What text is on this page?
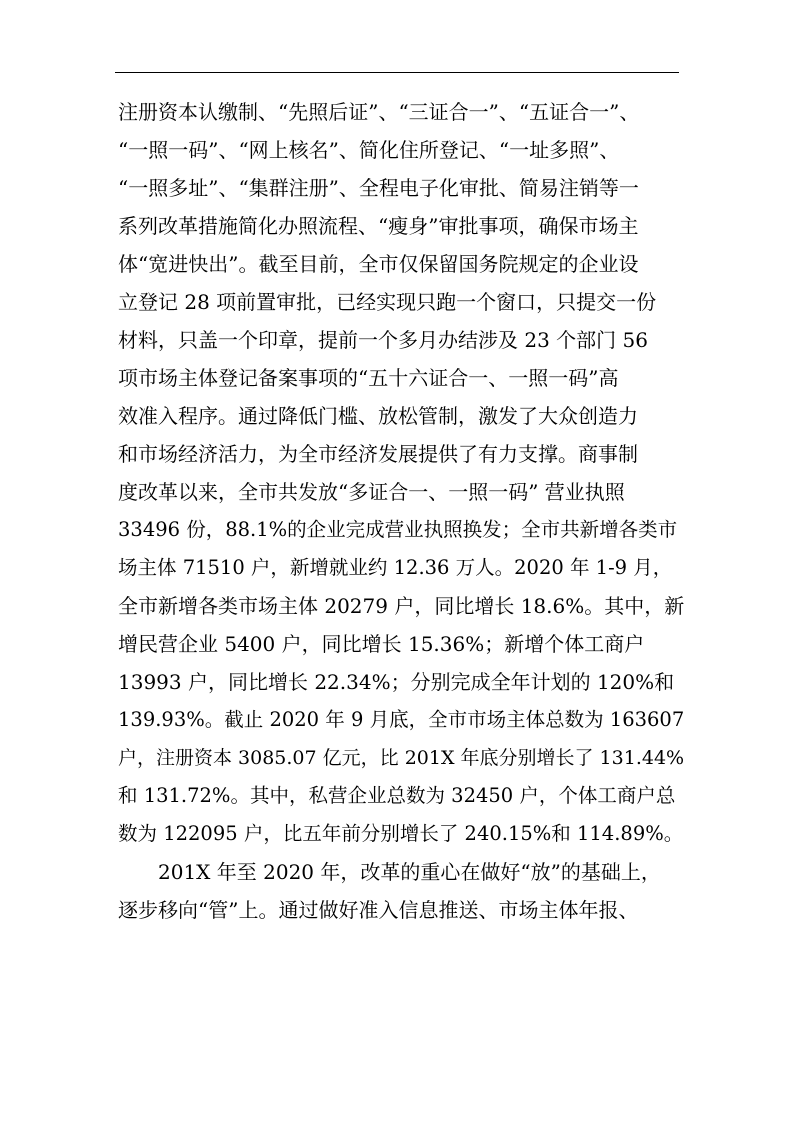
注册资本认缴制、“先照后证”、“三证合一”、“五证合一”、
“一照一码”、“网上核名”、简化住所登记、“一址多照”、
“一照多址”、“集群注册”、全程电子化审批、简易注销等一
系列改革措施简化办照流程、“瘦身”审批事项，确保市场主
体“宽进快出”。截至目前，全市仅保留国务院规定的企业设
立登记 28 项前置审批，已经实现只跑一个窗口，只提交一份
材料，只盖一个印章，提前一个多月办结涉及 23 个部门 56
项市场主体登记备案事项的“五十六证合一、一照一码”高
效准入程序。通过降低门槛、放松管制，激发了大众创造力
和市场经济活力，为全市经济发展提供了有力支撑。商事制
度改革以来，全市共发放“多证合一、一照一码” 营业执照
33496 份，88.1%的企业完成营业执照换发；全市共新增各类市
场主体 71510 户，新增就业约 12.36 万人。2020 年 1-9 月，
全市新增各类市场主体 20279 户，同比增长 18.6%。其中，新
增民营企业 5400 户，同比增长 15.36%；新增个体工商户
13993 户，同比增长 22.34%；分别完成全年计划的 120%和
139.93%。截止 2020 年 9 月底，全市市场主体总数为 163607
户，注册资本 3085.07 亿元，比 201X 年底分别增长了 131.44%
和 131.72%。其中，私营企业总数为 32450 户，个体工商户总
数为 122095 户，比五年前分别增长了 240.15%和 114.89%。
201X 年至 2020 年，改革的重心在做好“放”的基础上，
逐步移向“管”上。通过做好准入信息推送、市场主体年报、
